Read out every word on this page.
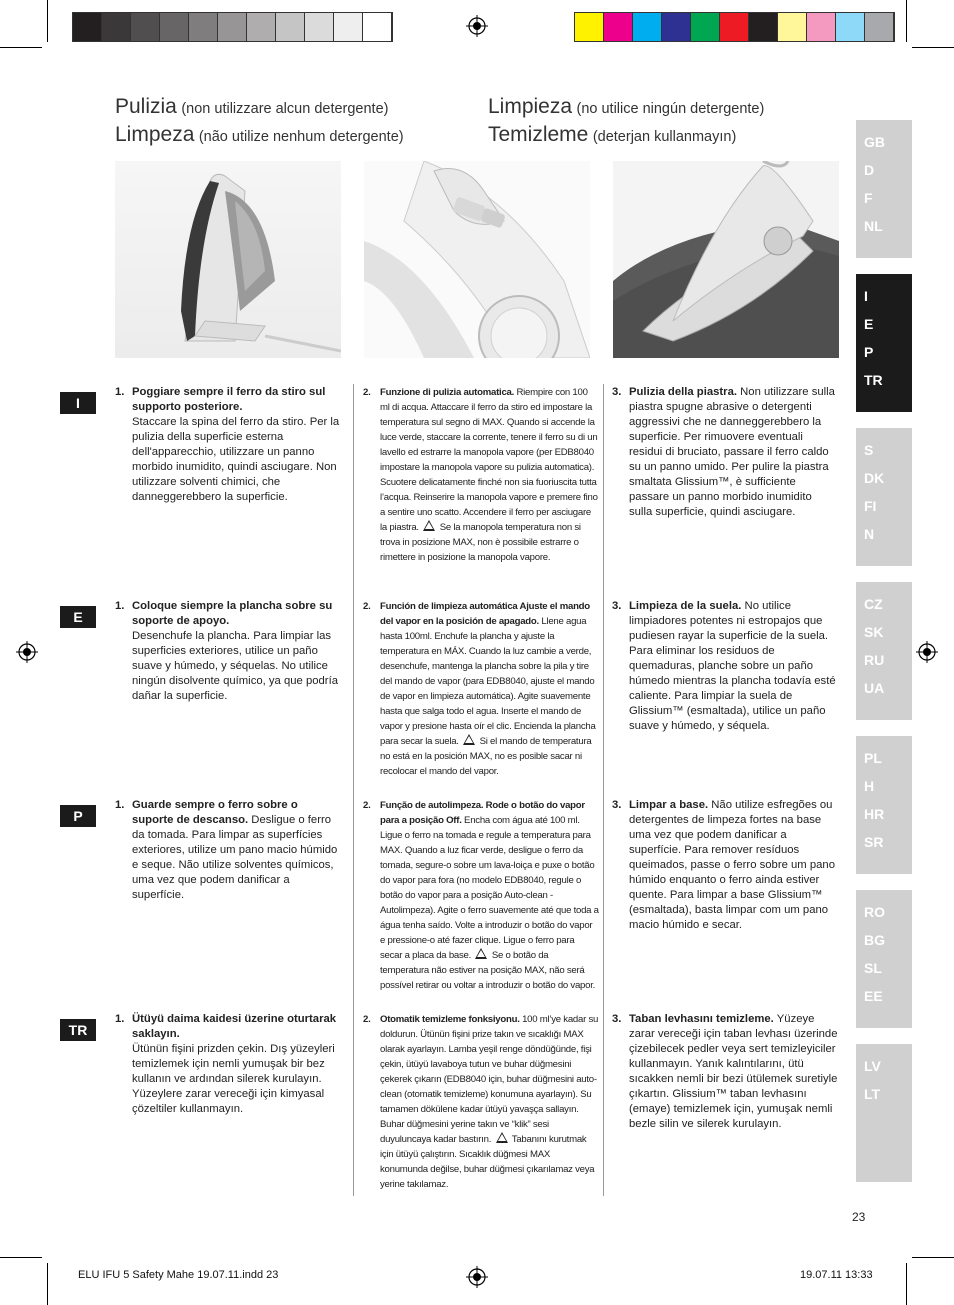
Pulizia (non utilizzare alcun detergente)
Limpeza (não utilize nenhum detergente)
Limpieza (no utilice ningún detergente)
Temizleme (deterjan kullanmayın)	GB
D
F
NL
I
E
P
TR
S
DK
FI
N
CZ
SK
RU
UA
PL
H
HR
SR
RO
BG
SL
EE
LV
LT
I
1. Poggiare sempre il ferro da stiro sul supporto posteriore.
Staccare la spina del ferro da stiro. Per la pulizia della superficie esterna dell'apparecchio, utilizzare un panno morbido inumidito, quindi asciugare. Non utilizzare solventi chimici, che danneggerebbero la superficie.
2. Funzione di pulizia automatica. Riempire con 100 ml di acqua. Attaccare il ferro da stiro ed impostare la temperatura sul segno di MAX. Quando si accende la luce verde, staccare la corrente, tenere il ferro su di un lavello ed estrarre la manopola vapore (per EDB8040 impostare la manopola vapore su pulizia automatica). Scuotere delicatamente finché non sia fuoriuscita tutta l’acqua. Reinserire la manopola vapore e premere fino a sentire uno scatto. Accendere il ferro per asciugare la piastra. Se la manopola temperatura non si trova in posizione MAX, non è possibile estrarre o rimettere in posizione la manopola vapore.
3. Pulizia della piastra. Non utilizzare sulla piastra spugne abrasive o detergenti aggressivi che ne danneggerebbero la superficie. Per rimuovere eventuali residui di bruciato, passare il ferro caldo su un panno umido. Per pulire la piastra smaltata Glissium™, è sufficiente passare un panno morbido inumidito sulla superficie, quindi asciugare.
E
1. Coloque siempre la plancha sobre su soporte de apoyo.
Desenchufe la plancha. Para limpiar las superficies exteriores, utilice un paño suave y húmedo, y séquelas. No utilice ningún disolvente químico, ya que podría dañar la superficie.
2. Función de limpieza automática Ajuste el mando del vapor en la posición de apagado. Llene agua hasta 100ml. Enchufe la plancha y ajuste la temperatura en MÁX. Cuando la luz cambie a verde, desenchufe, mantenga la plancha sobre la pila y tire del mando de vapor (para EDB8040, ajuste el mando de vapor en limpieza automática). Agite suavemente hasta que salga todo el agua. Inserte el mando de vapor y presione hasta oír el clic. Encienda la plancha para secar la suela. Si el mando de temperatura no está en la posición MAX, no es posible sacar ni recolocar el mando del vapor.
3. Limpieza de la suela. No utilice limpiadores potentes ni estropajos que pudiesen rayar la superficie de la suela. Para eliminar los residuos de quemaduras, planche sobre un paño húmedo mientras la plancha todavía esté caliente. Para limpiar la suela de Glissium™ (esmaltada), utilice un paño suave y húmedo, y séquela.
P
1. Guarde sempre o ferro sobre o suporte de descanso. Desligue o ferro da tomada. Para limpar as superfícies exteriores, utilize um pano macio húmido e seque. Não utilize solventes químicos, uma vez que podem danificar a superfície.
2. Função de autolimpeza. Rode o botão do vapor para a posição Off. Encha com água até 100 ml. Ligue o ferro na tomada e regule a temperatura para MAX. Quando a luz ficar verde, desligue o ferro da tomada, segure-o sobre um lava-loiça e puxe o botão do vapor para fora (no modelo EDB8040, regule o botão do vapor para a posição Auto-clean - Autolimpeza). Agite o ferro suavemente até que toda a água tenha saído. Volte a introduzir o botão do vapor e pressione-o até fazer clique. Ligue o ferro para secar a placa da base. Se o botão da temperatura não estiver na posição MAX, não será possível retirar ou voltar a introduzir o botão do vapor.
3. Limpar a base. Não utilize esfregões ou detergentes de limpeza fortes na base uma vez que podem danificar a superfície. Para remover resíduos queimados, passe o ferro sobre um pano húmido enquanto o ferro ainda estiver quente. Para limpar a base Glissium™ (esmaltada), basta limpar com um pano macio húmido e secar.
TR
1. Ütüyü daima kaidesi üzerine oturtarak saklayın.
Ütünün fişini prizden çekin. Dış yüzeyleri temizlemek için nemli yumuşak bir bez kullanın ve ardından silerek kurulayın. Yüzeylere zarar vereceği için kimyasal çözeltiler kullanmayın.
2. Otomatik temizleme fonksiyonu. 100 ml’ye kadar su doldurun. Ütünün fişini prize takın ve sıcaklığı MAX olarak ayarlayın. Lamba yeşil renge döndüğünde, fişi çekin, ütüyü lavaboya tutun ve buhar düğmesini çekerek çıkarın (EDB8040 için, buhar düğmesini auto-clean (otomatik temizleme) konumuna ayarlayın). Su tamamen dökülene kadar ütüyü yavaşça sallayın. Buhar düğmesini yerine takın ve “klik” sesi duyuluncaya kadar bastırın. Tabanını kurutmak için ütüyü çalıştırın. Sıcaklık düğmesi MAX konumunda değilse, buhar düğmesi çıkarılamaz veya yerine takılamaz.
3. Taban levhasını temizleme. Yüzeye zarar vereceği için taban levhası üzerinde çizebilecek pedler veya sert temizleyiciler kullanmayın. Yanık kalıntılarını, ütü sıcakken nemli bir bezi ütülemek suretiyle çıkartın. Glissium™ taban levhasını (emaye) temizlemek için, yumuşak nemli bezle silin ve silerek kurulayın.
23
ELU IFU 5 Safety Mahe 19.07.11.indd 23	19.07.11 13:33
